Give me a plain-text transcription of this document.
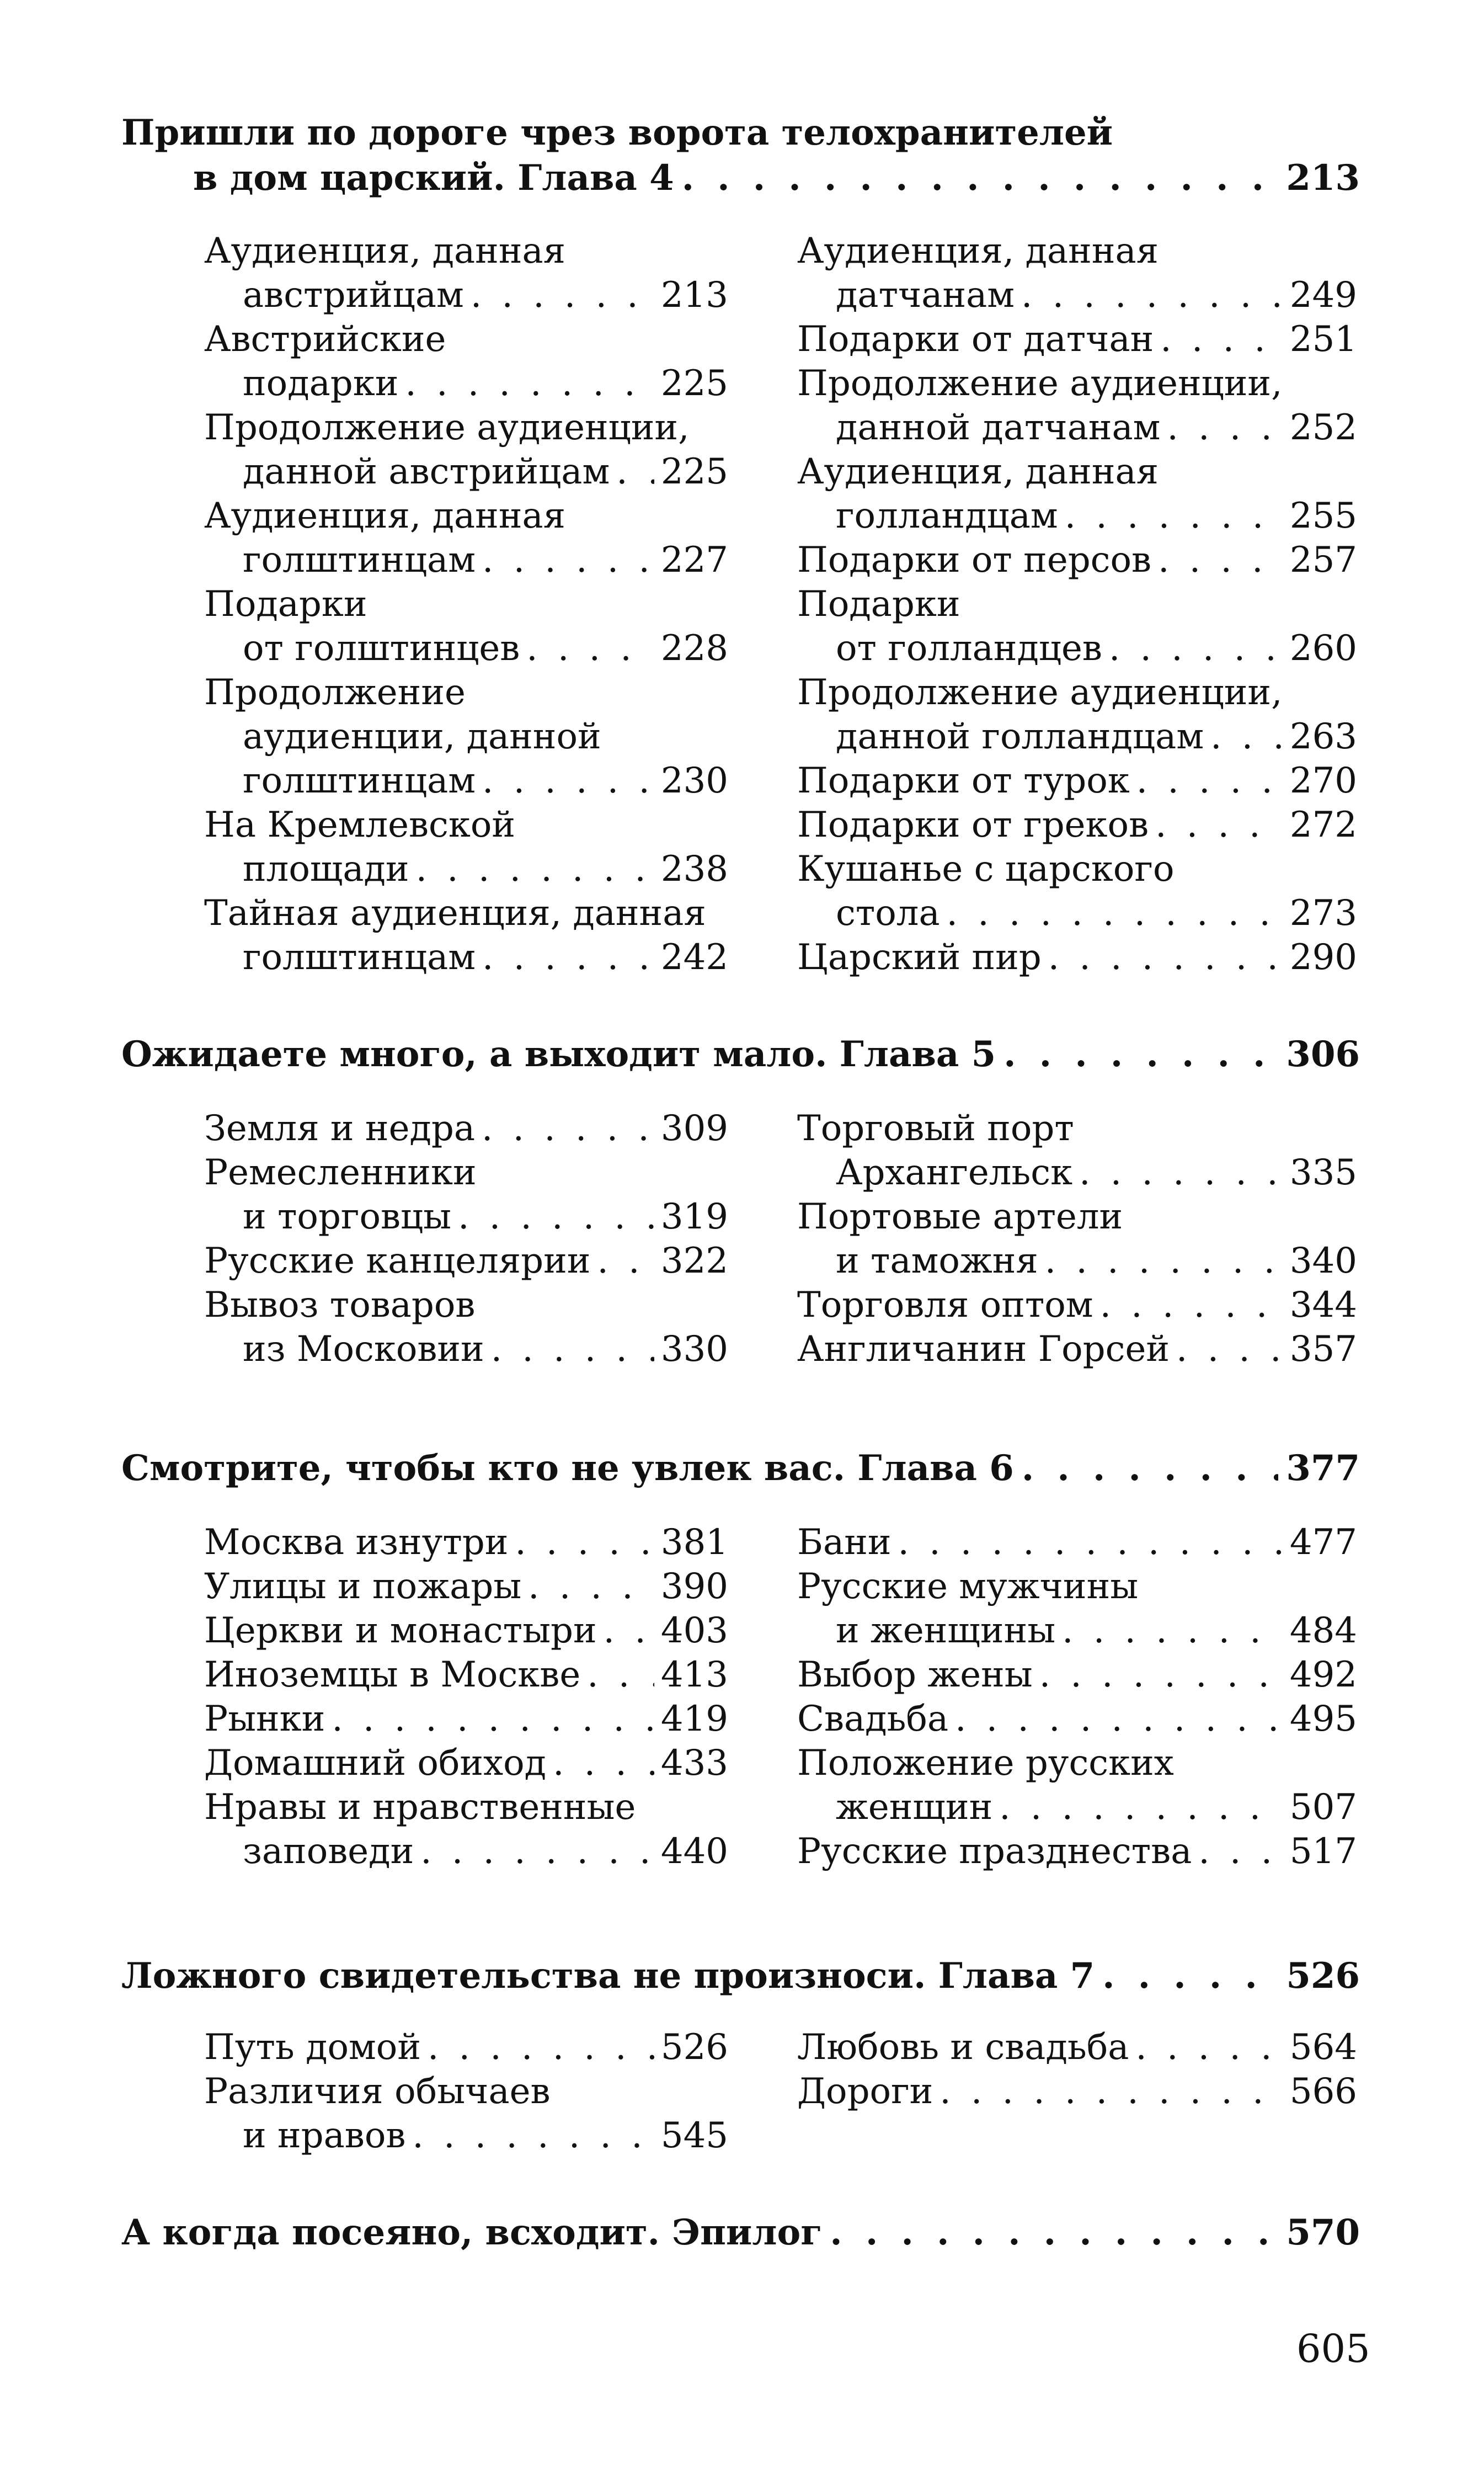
Пришли по дороге чрез ворота телохранителей
в дом царский. Глава 4 . . .	213
Аудиенция, данная
австрийцам . . .	213
Австрийские
подарки . . .	225
Продолжение аудиенции,
данной австрийцам . . . 225
Аудиенция, данная
голштинцам . . .	227
Подарки
от голштинцев . . .	228
Продолжение
аудиенции, данной
голштинцам . . .	230
На Кремлевской
площади . . .	238
Тайная аудиенция, данная
голштинцам . . .	242
Аудиенция, данная
датчанам . . .	249
Подарки от датчан . . .	251
Продолжение аудиенции,
данной датчанам . . .	252
Аудиенция, данная
голландцам . . .	255
Подарки от персов . . .	257
Подарки
от голландцев . . .	260
Продолжение аудиенции,
данной голландцам . . . 263
Подарки от турок . . .	270
Подарки от греков . . .	272
Кушанье с царского
стола . . .	273
Царский пир . . .	290
Ожидаете много, а выходит мало. Глава 5 . . .	306
Земля и недра . . .	309
Ремесленники
и торговцы . . .	319
Русские канцелярии . . . 322
Вывоз товаров
из Московии . . .	330
Торговый порт
Архангельск . . .	335
Портовые артели
и таможня . . .	340
Торговля оптом . . .	344
Англичанин Горсей . . .	357
Смотрите, чтобы кто не увлек вас. Глава 6 . . .	377
Москва изнутри . . .	381
Улицы и пожары . . .	390
Церкви и монастыри . . . 403
Иноземцы в Москве . . . 413
Рынки . . .	419
Домашний обиход . . .	433
Нравы и нравственные
заповеди . . .	440
Бани . . .	477
Русские мужчины
и женщины . . .	484
Выбор жены . . .	492
Свадьба . . .	495
Положение русских
женщин . . .	507
Русские празднества . . .	517
Ложного свидетельства не произноси. Глава 7 . . .	526
Путь домой . . .	526
Различия обычаев
и нравов . . .	545
Любовь и свадьба . . .	564
Дороги . . .	566
А когда посеяно, всходит. Эпилог . . .	570
605
